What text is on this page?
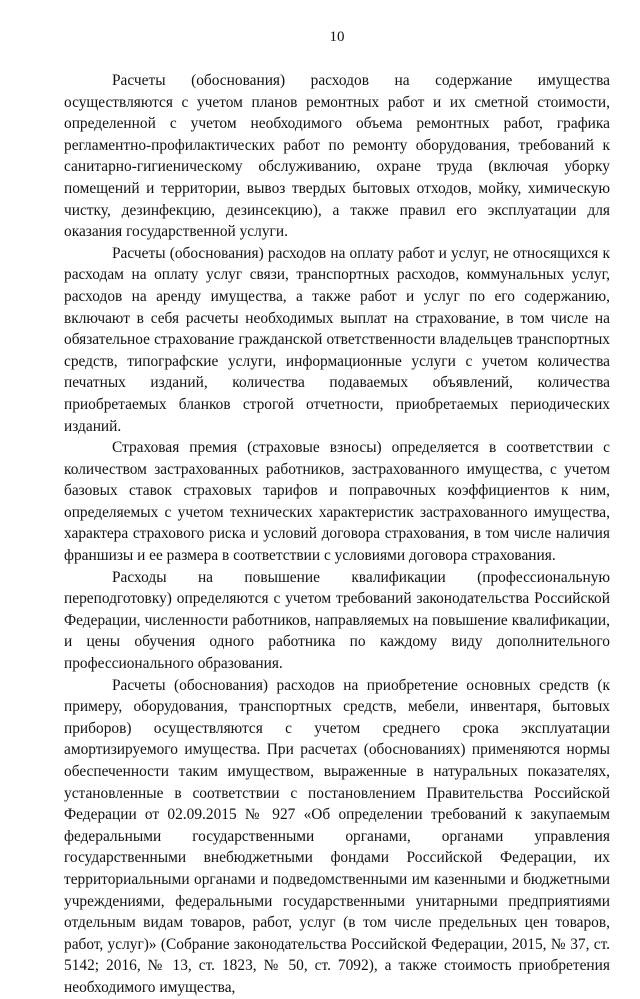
10

Расчеты (обоснования) расходов на содержание имущества осуществляются с учетом планов ремонтных работ и их сметной стоимости, определенной с учетом необходимого объема ремонтных работ, графика регламентно-профилактических работ по ремонту оборудования, требований к санитарно-гигиеническому обслуживанию, охране труда (включая уборку помещений и территории, вывоз твердых бытовых отходов, мойку, химическую чистку, дезинфекцию, дезинсекцию), а также правил его эксплуатации для оказания государственной услуги.

Расчеты (обоснования) расходов на оплату работ и услуг, не относящихся к расходам на оплату услуг связи, транспортных расходов, коммунальных услуг, расходов на аренду имущества, а также работ и услуг по его содержанию, включают в себя расчеты необходимых выплат на страхование, в том числе на обязательное страхование гражданской ответственности владельцев транспортных средств, типографские услуги, информационные услуги с учетом количества печатных изданий, количества подаваемых объявлений, количества приобретаемых бланков строгой отчетности, приобретаемых периодических изданий.

Страховая премия (страховые взносы) определяется в соответствии с количеством застрахованных работников, застрахованного имущества, с учетом базовых ставок страховых тарифов и поправочных коэффициентов к ним, определяемых с учетом технических характеристик застрахованного имущества, характера страхового риска и условий договора страхования, в том числе наличия франшизы и ее размера в соответствии с условиями договора страхования.

Расходы на повышение квалификации (профессиональную переподготовку) определяются с учетом требований законодательства Российской Федерации, численности работников, направляемых на повышение квалификации, и цены обучения одного работника по каждому виду дополнительного профессионального образования.

Расчеты (обоснования) расходов на приобретение основных средств (к примеру, оборудования, транспортных средств, мебели, инвентаря, бытовых приборов) осуществляются с учетом среднего срока эксплуатации амортизируемого имущества. При расчетах (обоснованиях) применяются нормы обеспеченности таким имуществом, выраженные в натуральных показателях, установленные в соответствии с постановлением Правительства Российской Федерации от 02.09.2015 № 927 «Об определении требований к закупаемым федеральными государственными органами, органами управления государственными внебюджетными фондами Российской Федерации, их территориальными органами и подведомственными им казенными и бюджетными учреждениями, федеральными государственными унитарными предприятиями отдельным видам товаров, работ, услуг (в том числе предельных цен товаров, работ, услуг)» (Собрание законодательства Российской Федерации, 2015, № 37, ст. 5142; 2016, № 13, ст. 1823, № 50, ст. 7092), а также стоимость приобретения необходимого имущества,
